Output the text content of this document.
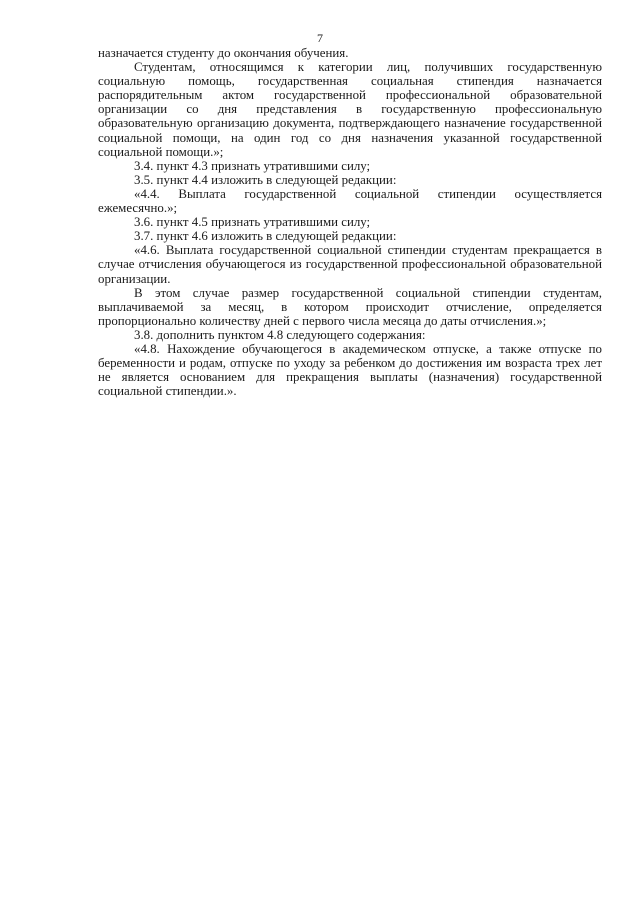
7

назначается студенту до окончания обучения.

Студентам, относящимся к категории лиц, получивших государственную социальную помощь, государственная социальная стипендия назначается распорядительным актом государственной профессиональной образовательной организации со дня представления в государственную профессиональную образовательную организацию документа, подтверждающего назначение государственной социальной помощи, на один год со дня назначения указанной государственной социальной помощи.»;

3.4. пункт 4.3 признать утратившими силу;

3.5. пункт 4.4 изложить в следующей редакции:

«4.4. Выплата государственной социальной стипендии осуществляется ежемесячно.»;

3.6. пункт 4.5 признать утратившими силу;

3.7. пункт 4.6 изложить в следующей редакции:

«4.6. Выплата государственной социальной стипендии студентам прекращается в случае отчисления обучающегося из государственной профессиональной образовательной организации.

В этом случае размер государственной социальной стипендии студентам, выплачиваемой за месяц, в котором происходит отчисление, определяется пропорционально количеству дней с первого числа месяца до даты отчисления.»;

3.8. дополнить пунктом 4.8 следующего содержания:

«4.8. Нахождение обучающегося в академическом отпуске, а также отпуске по беременности и родам, отпуске по уходу за ребенком до достижения им возраста трех лет не является основанием для прекращения выплаты (назначения) государственной социальной стипендии.».
